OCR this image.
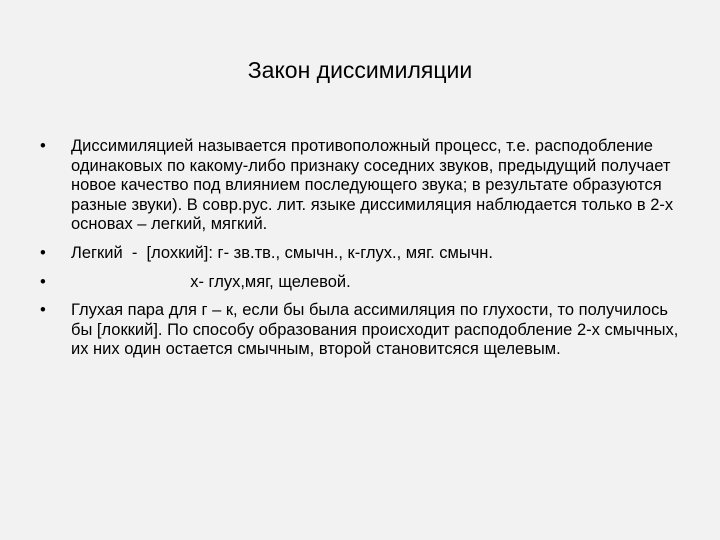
Закон диссимиляции
•	Диссимиляцией называется противоположный процесс, т.е. расподобление одинаковых по какому-либо признаку соседних звуков, предыдущий получает новое качество под влиянием последующего звука; в результате образуются разные звуки). В совр.рус. лит. языке диссимиляция наблюдается только в 2-х основах – легкий, мягкий.
•	Легкий  -  [лохкий]: г- зв.тв., смычн., к-глух., мяг. смычн.
•	х- глух,мяг, щелевой.
•	Глухая пара для г – к, если бы была ассимиляция по глухости, то получилось бы [локкий]. По способу образования происходит расподобление 2-х смычных, их них один остается смычным, второй становитсяся щелевым.
